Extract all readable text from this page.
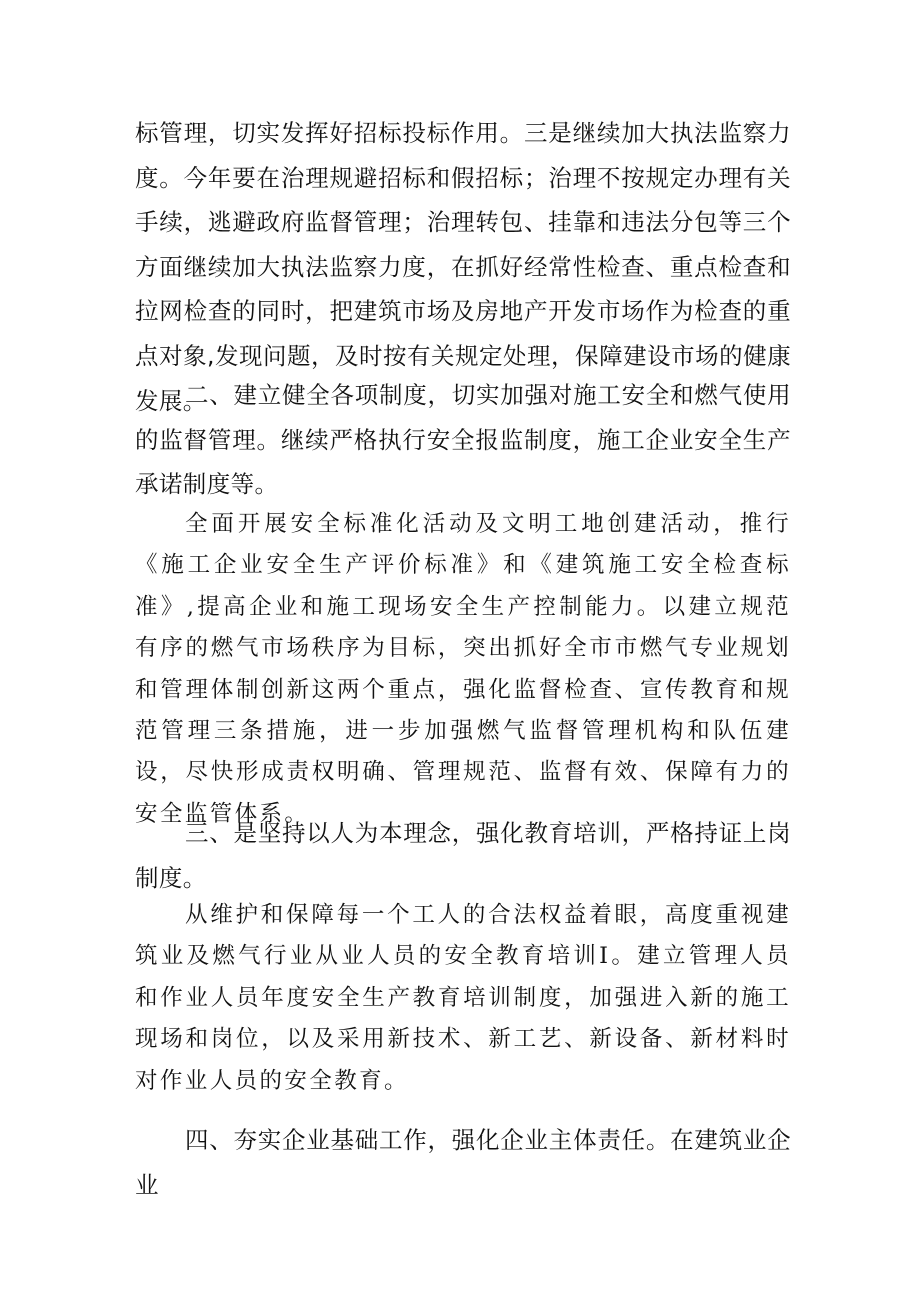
标管理，切实发挥好招标投标作用。三是继续加大执法监察力度。今年要在治理规避招标和假招标；治理不按规定办理有关手续，逃避政府监督管理；治理转包、挂靠和违法分包等三个方面继续加大执法监察力度，在抓好经常性检查、重点检查和拉网检查的同时，把建筑市场及房地产开发市场作为检查的重点对象,发现问题，及时按有关规定处理，保障建设市场的健康发展。

二、建立健全各项制度，切实加强对施工安全和燃气使用的监督管理。继续严格执行安全报监制度，施工企业安全生产承诺制度等。

全面开展安全标准化活动及文明工地创建活动，推行《施工企业安全生产评价标准》和《建筑施工安全检查标准》,提高企业和施工现场安全生产控制能力。以建立规范有序的燃气市场秩序为目标，突出抓好全市市燃气专业规划和管理体制创新这两个重点，强化监督检查、宣传教育和规范管理三条措施，进一步加强燃气监督管理机构和队伍建设，尽快形成责权明确、管理规范、监督有效、保障有力的安全监管体系。

三、是坚持以人为本理念，强化教育培训，严格持证上岗制度。

从维护和保障每一个工人的合法权益着眼，高度重视建筑业及燃气行业从业人员的安全教育培训I。建立管理人员和作业人员年度安全生产教育培训制度，加强进入新的施工现场和岗位，以及采用新技术、新工艺、新设备、新材料时对作业人员的安全教育。

四、夯实企业基础工作，强化企业主体责任。在建筑业企业
